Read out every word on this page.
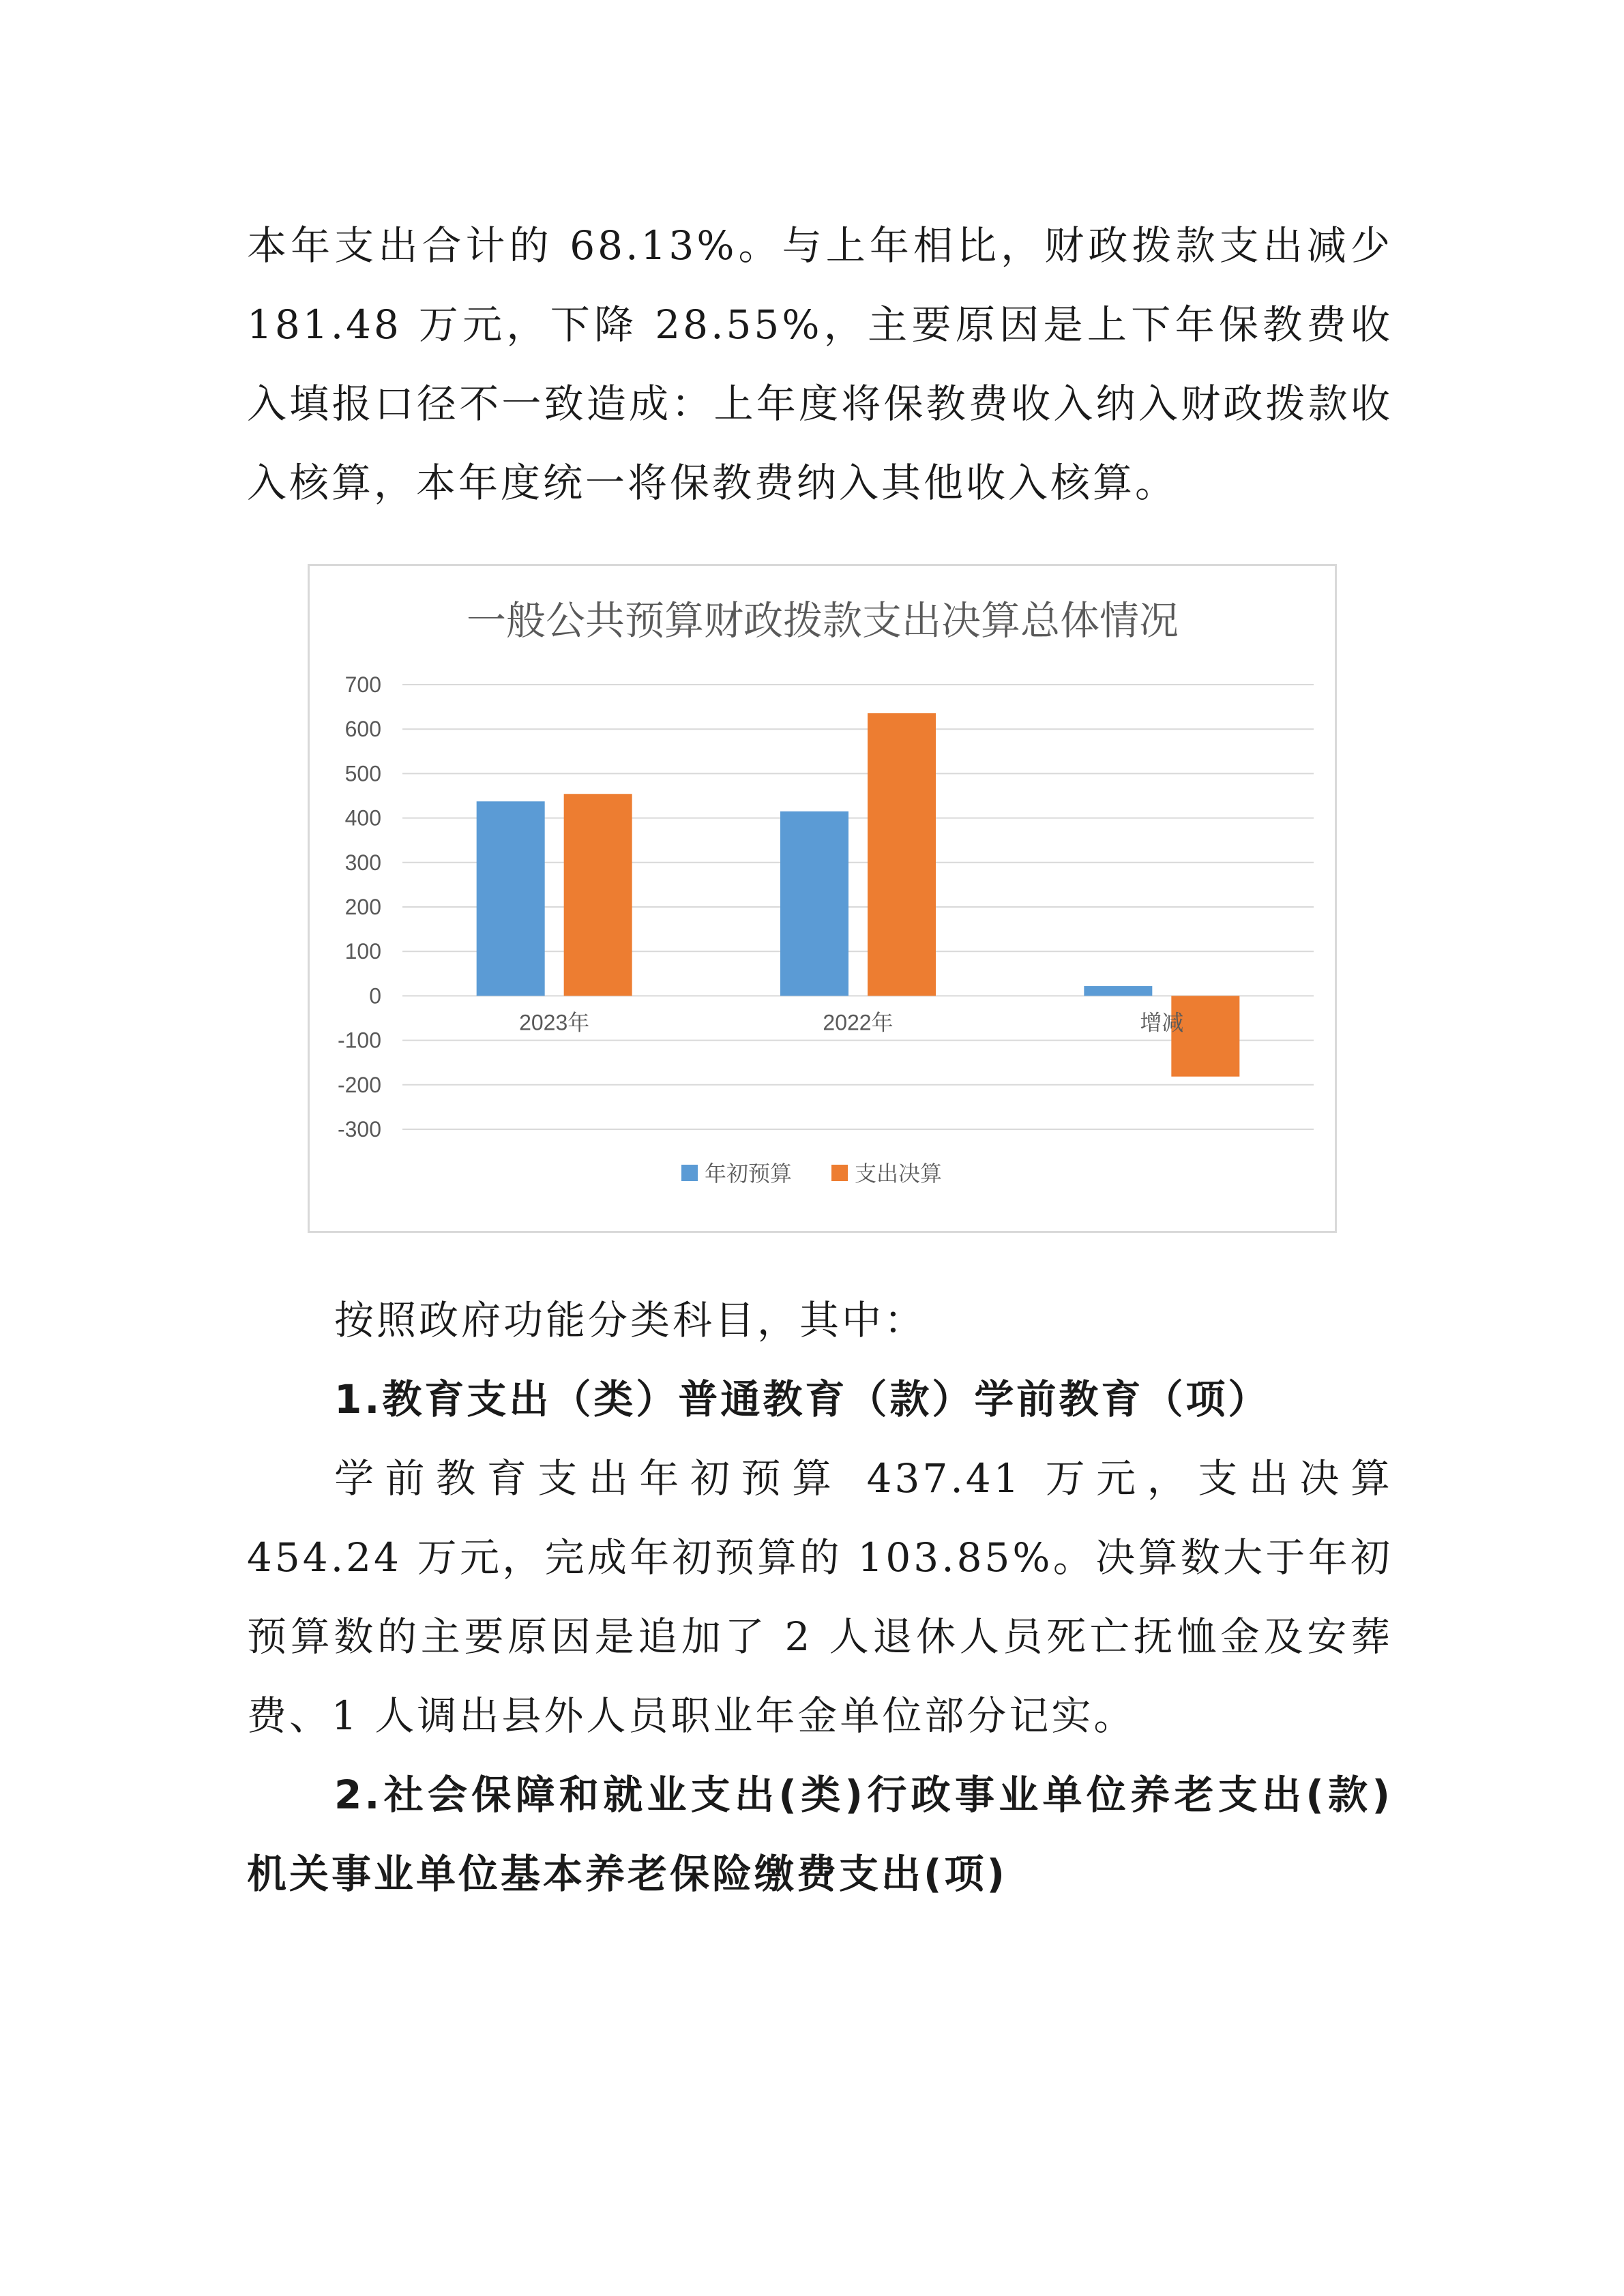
本年支出合计的 68.13%。与上年相比，财政拨款支出减少 181.48 万元，下降 28.55%，主要原因是上下年保教费收入填报口径不一致造成：上年度将保教费收入纳入财政拨款收入核算，本年度统一将保教费纳入其他收入核算。

一般公共预算财政拨款支出决算总体情况
700
600
500
400
300
200
100
0
-100
-200
-300
2023年	2022年	增减
年初预算	支出决算

按照政府功能分类科目，其中：

1.教育支出（类）普通教育（款）学前教育（项）

学前教育支出年初预算 437.41 万元，支出决算 454.24 万元，完成年初预算的 103.85%。决算数大于年初预算数的主要原因是追加了 2 人退休人员死亡抚恤金及安葬费、1 人调出县外人员职业年金单位部分记实。

2.社会保障和就业支出(类)行政事业单位养老支出(款)机关事业单位基本养老保险缴费支出(项)
